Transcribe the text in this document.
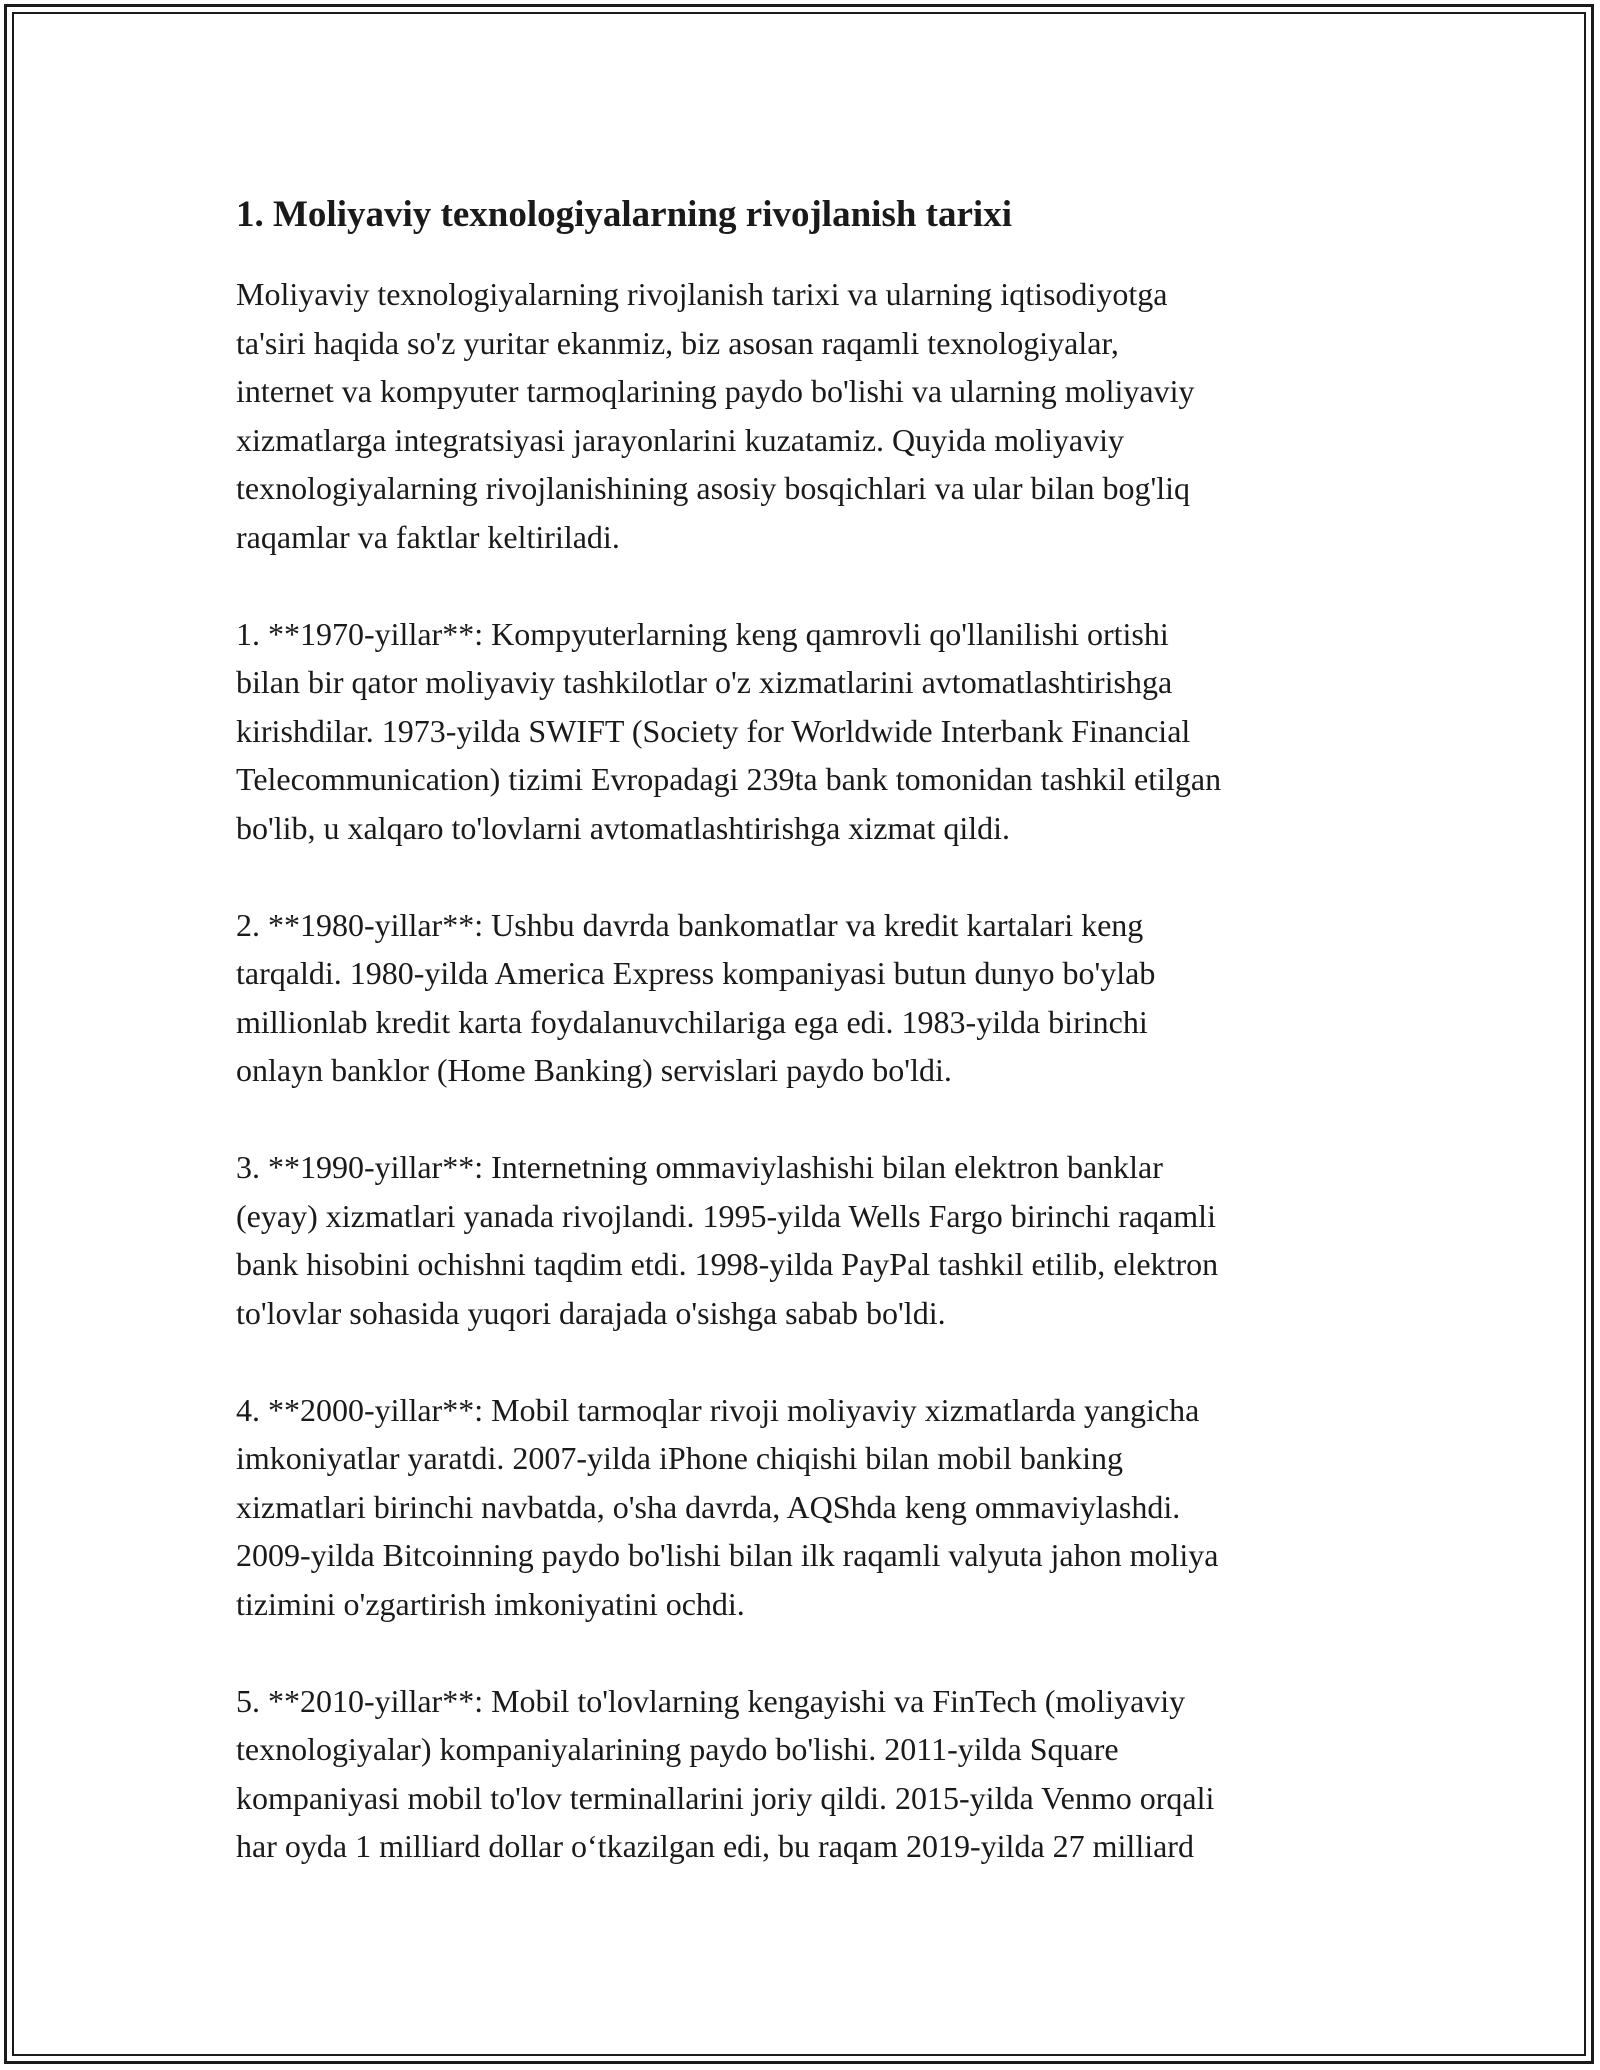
1. Moliyaviy texnologiyalarning rivojlanish tarixi

Moliyaviy texnologiyalarning rivojlanish tarixi va ularning iqtisodiyotga
ta'siri haqida so'z yuritar ekanmiz, biz asosan raqamli texnologiyalar,
internet va kompyuter tarmoqlarining paydo bo'lishi va ularning moliyaviy
xizmatlarga integratsiyasi jarayonlarini kuzatamiz. Quyida moliyaviy
texnologiyalarning rivojlanishining asosiy bosqichlari va ular bilan bog'liq
raqamlar va faktlar keltiriladi.

1. **1970-yillar**: Kompyuterlarning keng qamrovli qo'llanilishi ortishi
bilan bir qator moliyaviy tashkilotlar o'z xizmatlarini avtomatlashtirishga
kirishdilar. 1973-yilda SWIFT (Society for Worldwide Interbank Financial
Telecommunication) tizimi Evropadagi 239ta bank tomonidan tashkil etilgan
bo'lib, u xalqaro to'lovlarni avtomatlashtirishga xizmat qildi.

2. **1980-yillar**: Ushbu davrda bankomatlar va kredit kartalari keng
tarqaldi. 1980-yilda America Express kompaniyasi butun dunyo bo'ylab
millionlab kredit karta foydalanuvchilariga ega edi. 1983-yilda birinchi
onlayn banklor (Home Banking) servislari paydo bo'ldi.

3. **1990-yillar**: Internetning ommaviylashishi bilan elektron banklar
(eyay) xizmatlari yanada rivojlandi. 1995-yilda Wells Fargo birinchi raqamli
bank hisobini ochishni taqdim etdi. 1998-yilda PayPal tashkil etilib, elektron
to'lovlar sohasida yuqori darajada o'sishga sabab bo'ldi.

4. **2000-yillar**: Mobil tarmoqlar rivoji moliyaviy xizmatlarda yangicha
imkoniyatlar yaratdi. 2007-yilda iPhone chiqishi bilan mobil banking
xizmatlari birinchi navbatda, o'sha davrda, AQShda keng ommaviylashdi.
2009-yilda Bitcoinning paydo bo'lishi bilan ilk raqamli valyuta jahon moliya
tizimini o'zgartirish imkoniyatini ochdi.

5. **2010-yillar**: Mobil to'lovlarning kengayishi va FinTech (moliyaviy
texnologiyalar) kompaniyalarining paydo bo'lishi. 2011-yilda Square
kompaniyasi mobil to'lov terminallarini joriy qildi. 2015-yilda Venmo orqali
har oyda 1 milliard dollar o‘tkazilgan edi, bu raqam 2019-yilda 27 milliard
